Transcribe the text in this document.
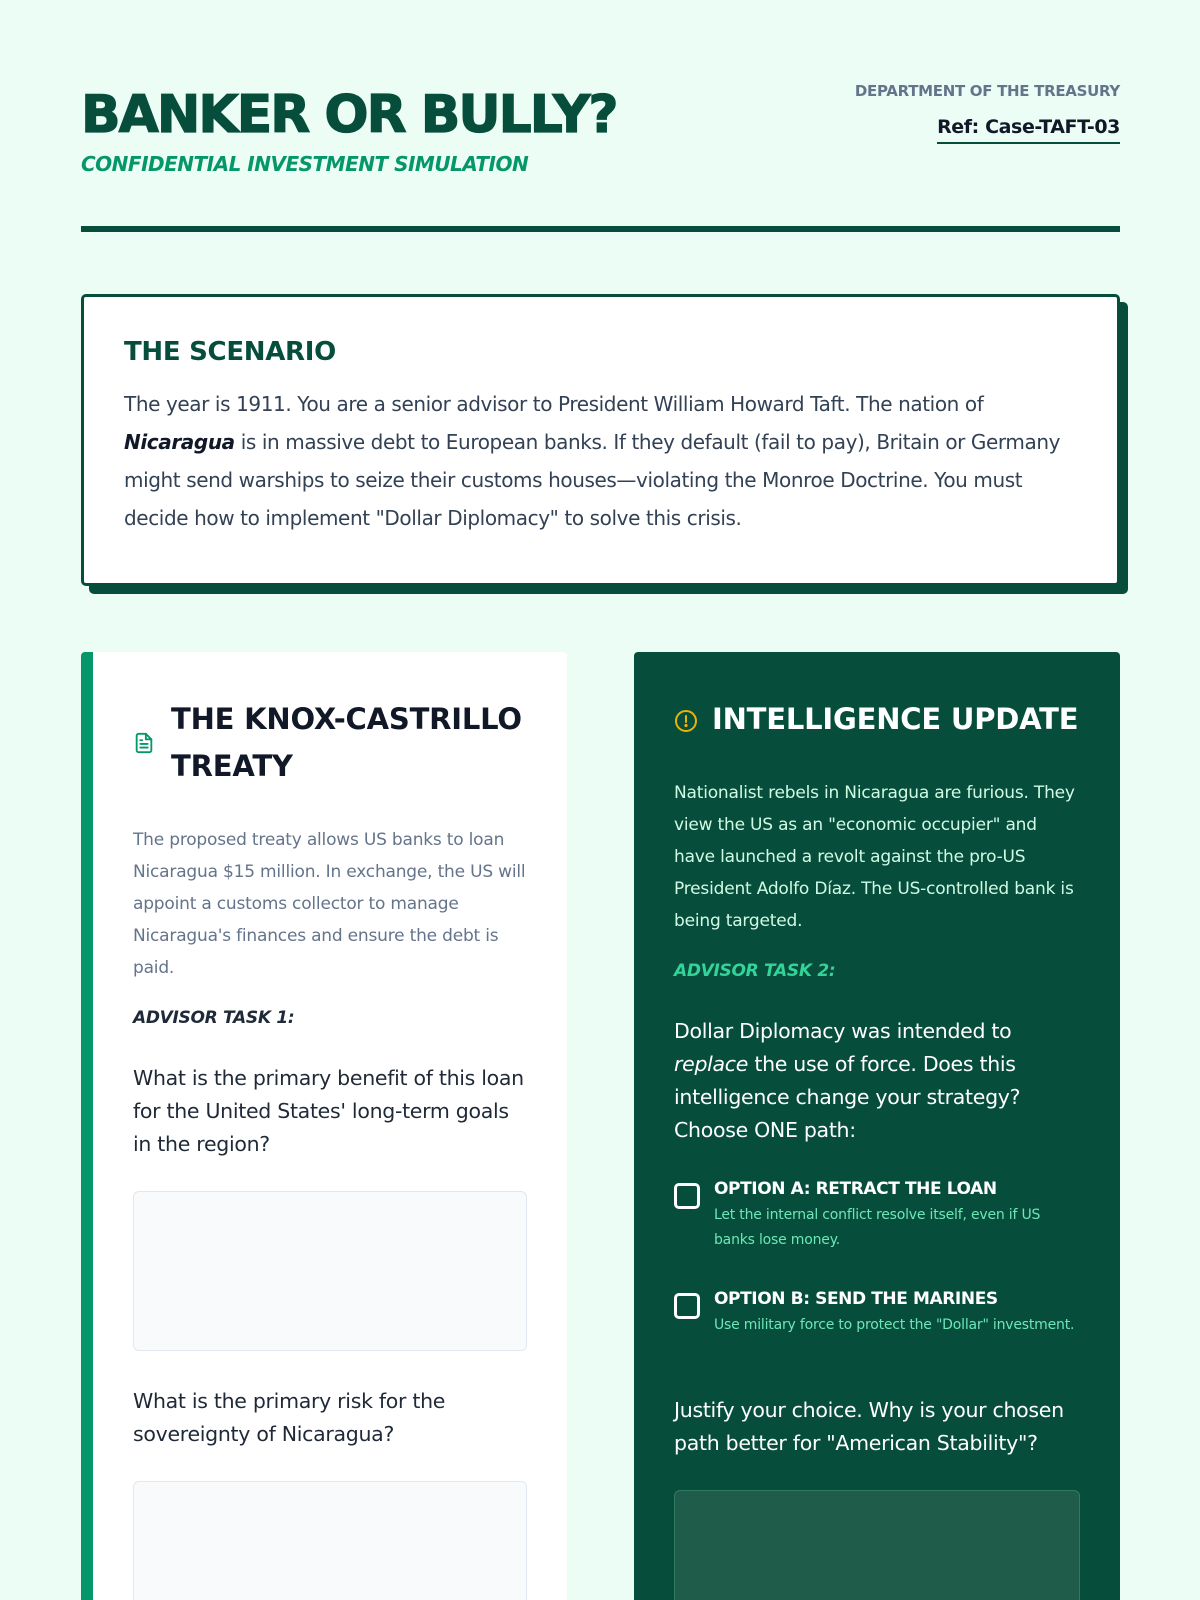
BANKER OR BULLY?
CONFIDENTIAL INVESTMENT SIMULATION
DEPARTMENT OF THE TREASURY
Ref: Case-TAFT-03
THE SCENARIO

The year is 1911. You are a senior advisor to President William Howard Taft. The nation of Nicaragua is in massive debt to European banks. If they default (fail to pay), Britain or Germany might send warships to seize their customs houses—violating the Monroe Doctrine. You must decide how to implement "Dollar Diplomacy" to solve this crisis.

THE KNOX-CASTRILLO TREATY
The proposed treaty allows US banks to loan Nicaragua $15 million. In exchange, the US will appoint a customs collector to manage Nicaragua's finances and ensure the debt is paid.
ADVISOR TASK 1:
What is the primary benefit of this loan for the United States' long-term goals in the region?
What is the primary risk for the sovereignty of Nicaragua?
INTELLIGENCE UPDATE
Nationalist rebels in Nicaragua are furious. They view the US as an "economic occupier" and have launched a revolt against the pro-US President Adolfo Díaz. The US-controlled bank is being targeted.
ADVISOR TASK 2:
Dollar Diplomacy was intended to replace the use of force. Does this intelligence change your strategy? Choose ONE path:
OPTION A: RETRACT THE LOAN
Let the internal conflict resolve itself, even if US banks lose money.
OPTION B: SEND THE MARINES
Use military force to protect the "Dollar" investment.
Justify your choice. Why is your chosen path better for "American Stability"?
